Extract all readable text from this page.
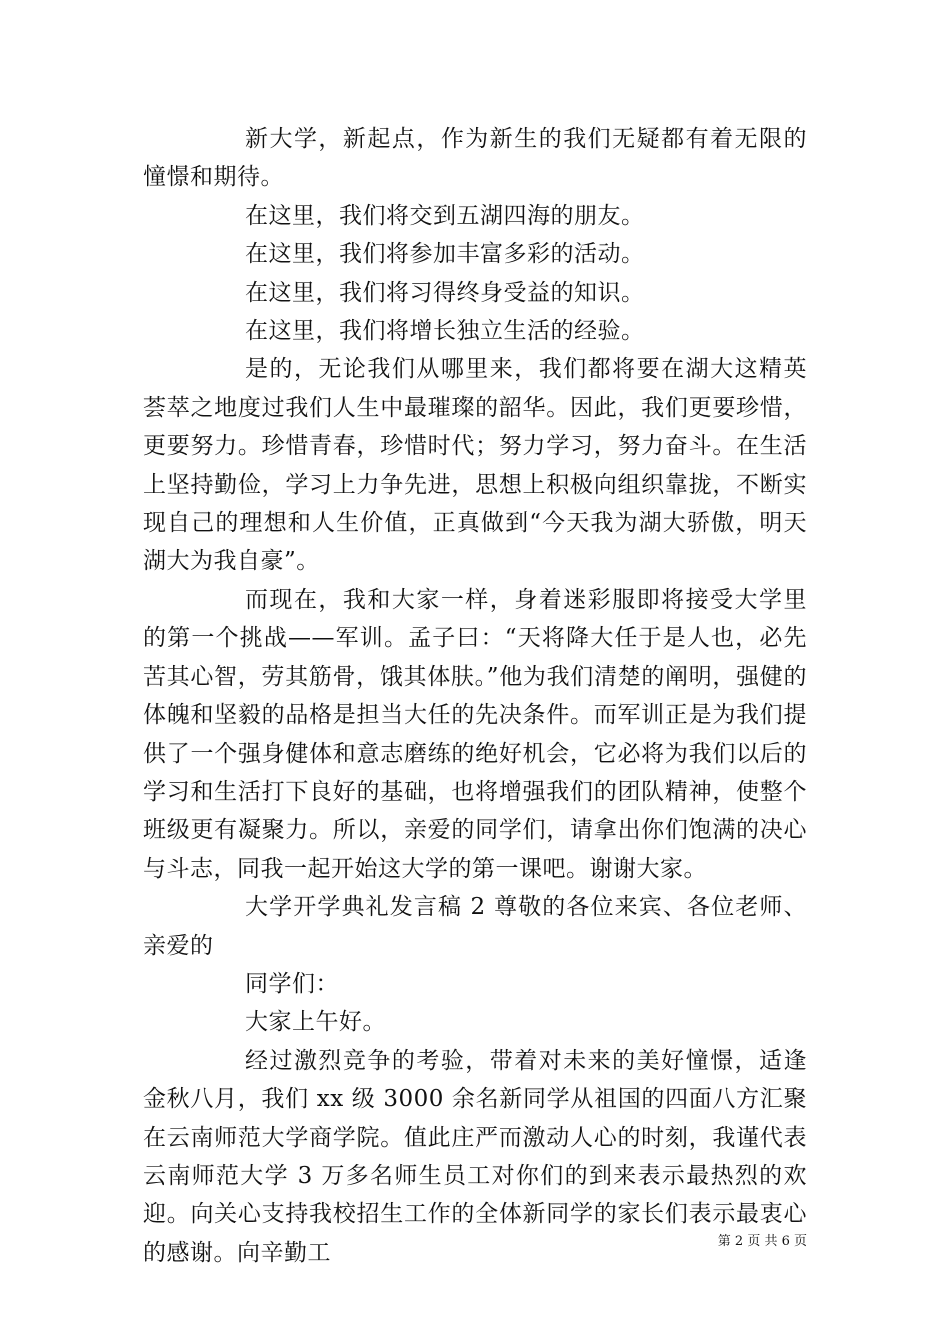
新大学，新起点，作为新生的我们无疑都有着无限的憧憬和期待。

在这里，我们将交到五湖四海的朋友。

在这里，我们将参加丰富多彩的活动。

在这里，我们将习得终身受益的知识。

在这里，我们将增长独立生活的经验。

是的，无论我们从哪里来，我们都将要在湖大这精英荟萃之地度过我们人生中最璀璨的韶华。因此，我们更要珍惜，更要努力。珍惜青春，珍惜时代；努力学习，努力奋斗。在生活上坚持勤俭，学习上力争先进，思想上积极向组织靠拢，不断实现自己的理想和人生价值，正真做到“今天我为湖大骄傲，明天湖大为我自豪”。

而现在，我和大家一样，身着迷彩服即将接受大学里的第一个挑战——军训。孟子曰：“天将降大任于是人也，必先苦其心智，劳其筋骨，饿其体肤。”他为我们清楚的阐明，强健的体魄和坚毅的品格是担当大任的先决条件。而军训正是为我们提供了一个强身健体和意志磨练的绝好机会，它必将为我们以后的学习和生活打下良好的基础，也将增强我们的团队精神，使整个班级更有凝聚力。所以，亲爱的同学们，请拿出你们饱满的决心与斗志，同我一起开始这大学的第一课吧。谢谢大家。

大学开学典礼发言稿 2 尊敬的各位来宾、各位老师、亲爱的

同学们：

大家上午好。

经过激烈竞争的考验，带着对未来的美好憧憬，适逢金秋八月，我们 xx 级 3000 余名新同学从祖国的四面八方汇聚在云南师范大学商学院。值此庄严而激动人心的时刻，我谨代表云南师范大学 3 万多名师生员工对你们的到来表示最热烈的欢迎。向关心支持我校招生工作的全体新同学的家长们表示最衷心的感谢。向辛勤工	第 2 页 共 6 页
